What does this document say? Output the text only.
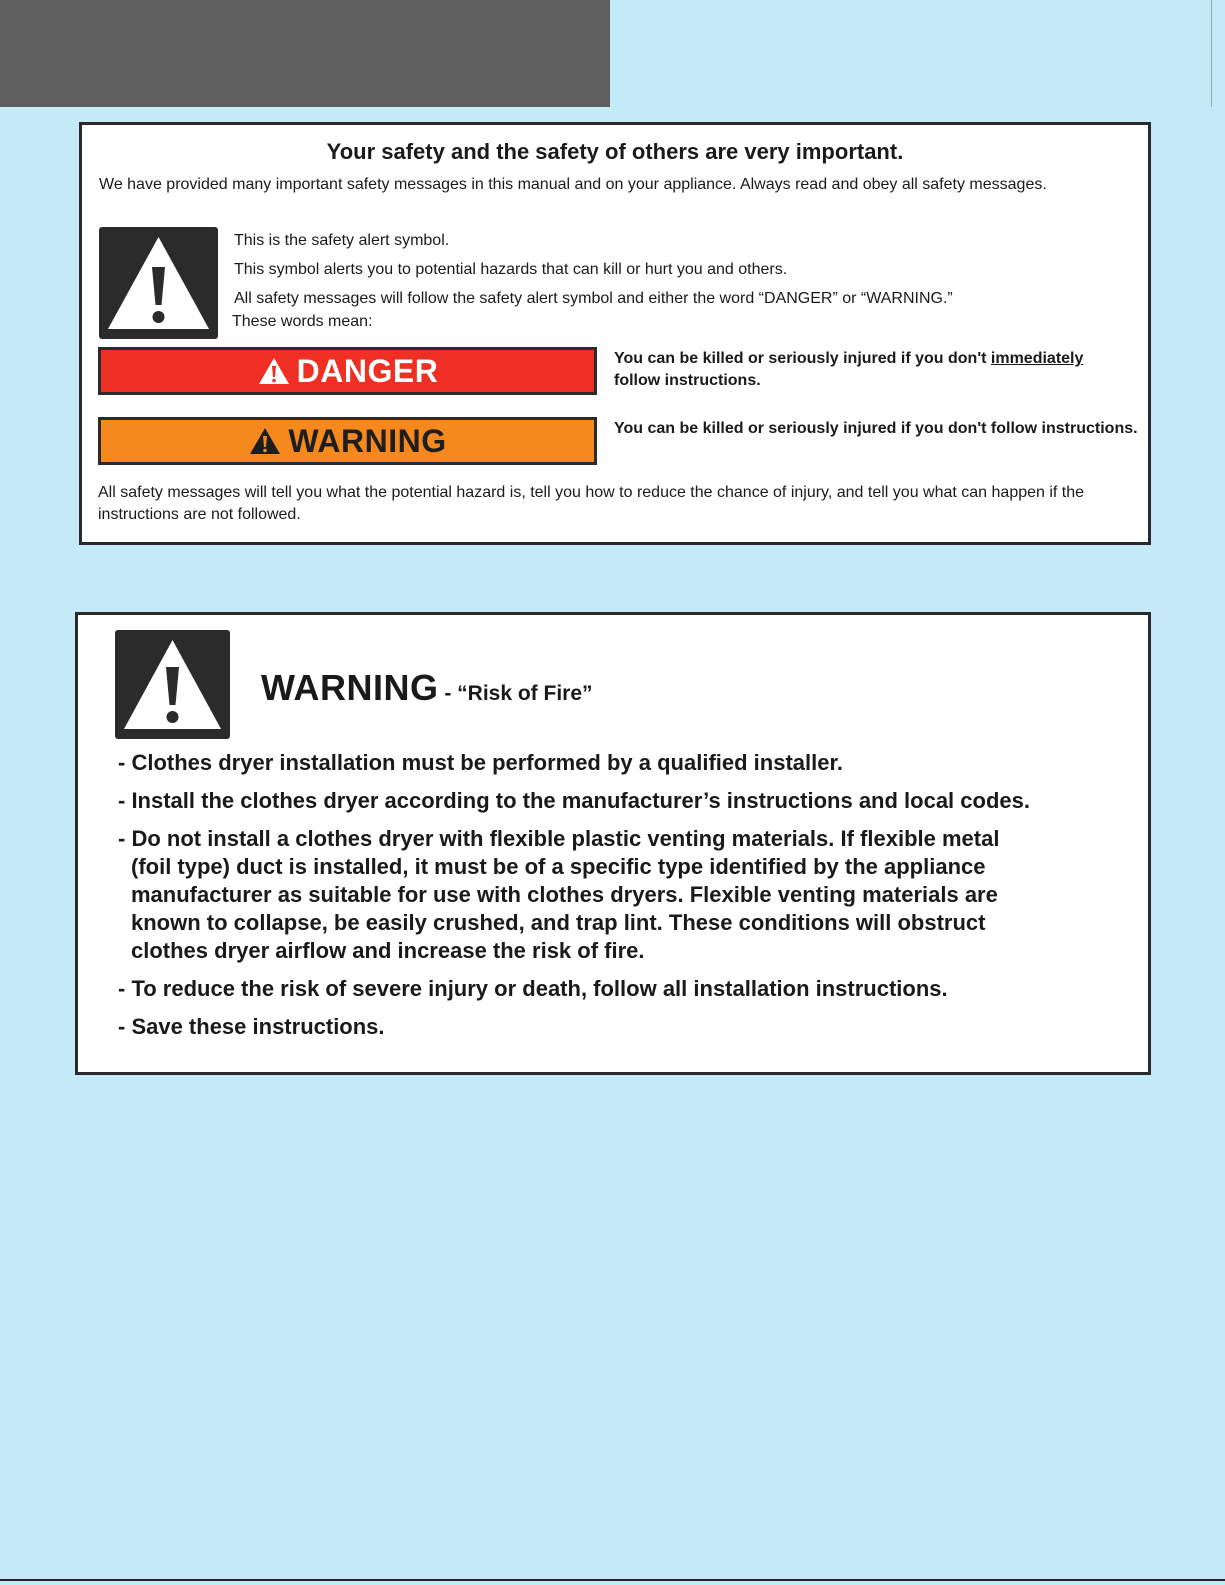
Your safety and the safety of others are very important.
We have provided many important safety messages in this manual and on your appliance. Always read and obey all safety messages.
This is the safety alert symbol.
This symbol alerts you to potential hazards that can kill or hurt you and others.
All safety messages will follow the safety alert symbol and either the word “DANGER” or “WARNING.”
These words mean:
DANGER	You can be killed or seriously injured if you don't immediately
follow instructions.
WARNING	You can be killed or seriously injured if you don't follow instructions.
All safety messages will tell you what the potential hazard is, tell you how to reduce the chance of injury, and tell you what can happen if the instructions are not followed.
WARNING - “Risk of Fire”
- Clothes dryer installation must be performed by a qualified installer.
- Install the clothes dryer according to the manufacturer’s instructions and local codes.
- Do not install a clothes dryer with flexible plastic venting materials. If flexible metal
(foil type) duct is installed, it must be of a specific type identified by the appliance
manufacturer as suitable for use with clothes dryers. Flexible venting materials are
known to collapse, be easily crushed, and trap lint. These conditions will obstruct
clothes dryer airflow and increase the risk of fire.
- To reduce the risk of severe injury or death, follow all installation instructions.
- Save these instructions.
